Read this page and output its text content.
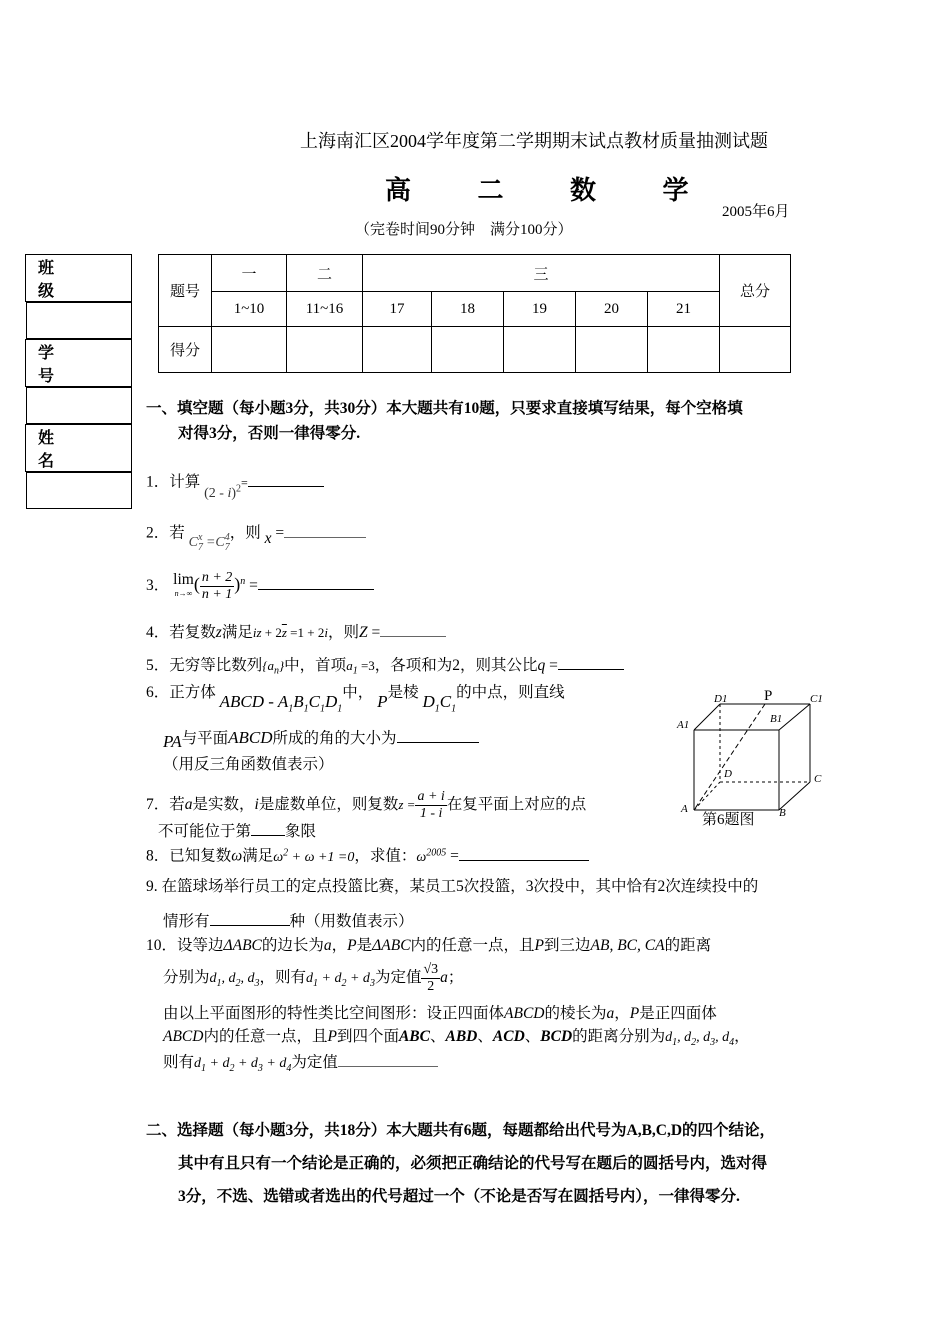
上海南汇区2004学年度第二学期期末试点教材质量抽测试题
高 二 数 学
2005年6月
（完卷时间90分钟　满分100分）
班　级

学　号

姓　名

题号	一	二	三					总分
	1~10	11~16	17	18	19	20	21	
得分								
一、填空题（每小题3分，共30分）本大题共有10题，只要求直接填写结果，每个空格填
对得3分，否则一律得零分.
1．计算 (2 - i)$^2$=
2．若 $C_7^x =C_7^4$，则 x =
3． lim
$n\to\infty( \frac{n + 2}{n + 1} )^n$ =
4．若复数z满足iz + $2\overline{z} =1 + 2i$，则Z =
5．无穷等比数列$\{a_n\}$中，首项$a_1 =3$，各项和为2，则其公比q =
6．正方体 ABCD - $A_1B_1C_1D_1$中， P是棱 $D_1C_1$的中点，则直线
PA与平面ABCD所成的角的大小为
（用反三角函数值表示）
7．若a是实数，i是虚数单位，则复数$z = \frac{a + i}{1 - i}$ 在复平面上对应的点
不可能位于第 象限
8．已知复数ω满足$\omega^2 + \omega +1 =0$，求值：$\omega^{2005}$ =
9. 在篮球场举行员工的定点投篮比赛，某员工5次投篮，3次投中，其中恰有2次连续投中的
情形有	种（用数值表示）
10．设等边ΔABC的边长为a，P是ΔABC内的任意一点，且P到三边AB, BC, CA的距离
分别为$d_1$, $d_2$, $d_3$，则有$d_1 + d_2 + d_3$为定值 $\frac{√3}{2}$ a；
由以上平面图形的特性类比空间图形：设正四面体ABCD的棱长为a，P是正四面体
ABCD内的任意一点，且P到四个面ABC、ABD、ACD、BCD的距离分别为$d_1$, $d_2$, $d_3$, $d_4$，
则有$d_1 + d_2 + d_3 + d_4$为定值
D1 P	C1
A1	B1
D	C
A	B
第6题图
二、选择题（每小题3分，共18分）本大题共有6题，每题都给出代号为A,B,C,D的四个结论，
其中有且只有一个结论是正确的，必须把正确结论的代号写在题后的圆括号内，选对得
3分，不选、选错或者选出的代号超过一个（不论是否写在圆括号内），一律得零分.
